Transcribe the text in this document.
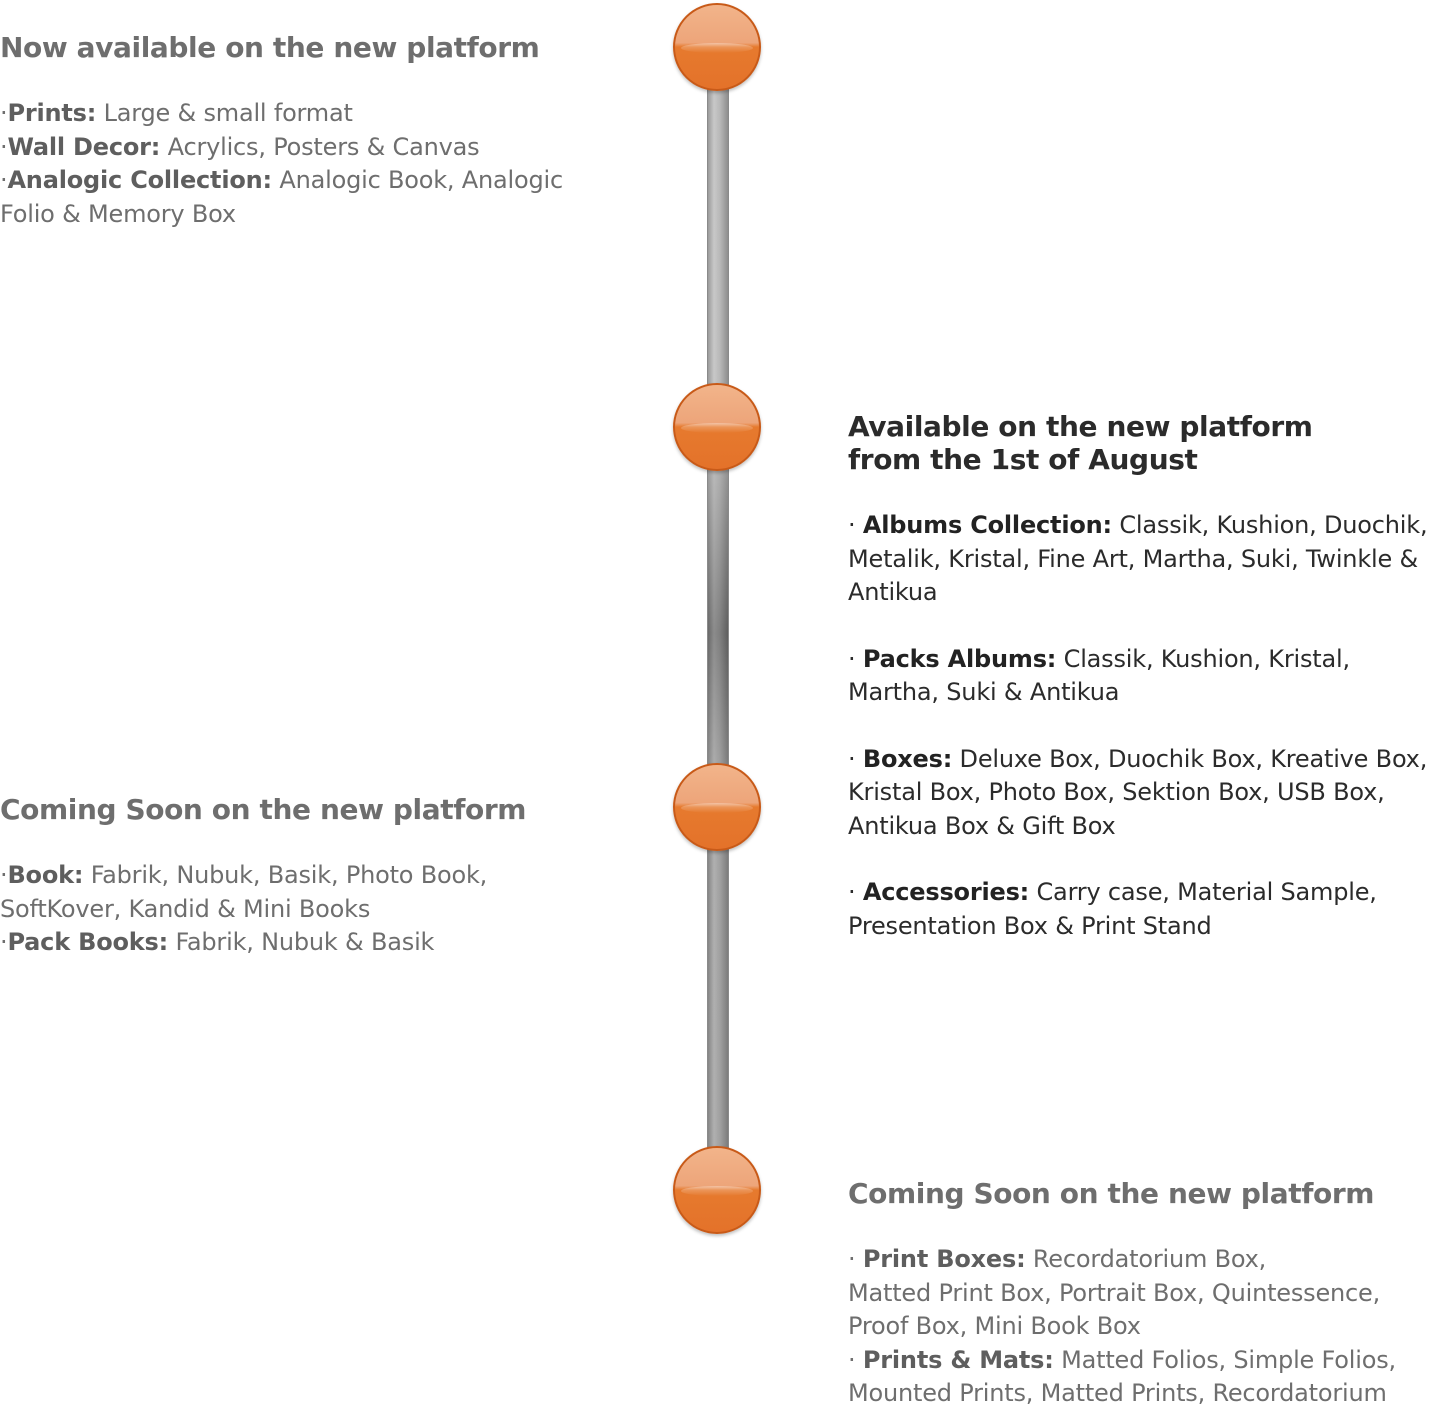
Now available on the new platform

·Prints: Large & small format

·Wall Decor: Acrylics, Posters & Canvas

·Analogic Collection: Analogic Book, Analogic Folio & Memory Box

Available on the new platform
from the 1st of August

· Albums Collection: Classik, Kushion, Duochik, Metalik, Kristal, Fine Art, Martha, Suki, Twinkle & Antikua

· Packs Albums: Classik, Kushion, Kristal, Martha, Suki & Antikua

· Boxes: Deluxe Box, Duochik Box, Kreative Box, Kristal Box, Photo Box, Sektion Box, USB Box, Antikua Box & Gift Box

· Accessories: Carry case, Material Sample, Presentation Box & Print Stand

Coming Soon on the new platform

·Book: Fabrik, Nubuk, Basik, Photo Book, SoftKover, Kandid & Mini Books

·Pack Books: Fabrik, Nubuk & Basik

Coming Soon on the new platform

· Print Boxes: Recordatorium Box,
Matted Print Box, Portrait Box, Quintessence, Proof Box, Mini Book Box

· Prints & Mats: Matted Folios, Simple Folios, Mounted Prints, Matted Prints, Recordatorium
